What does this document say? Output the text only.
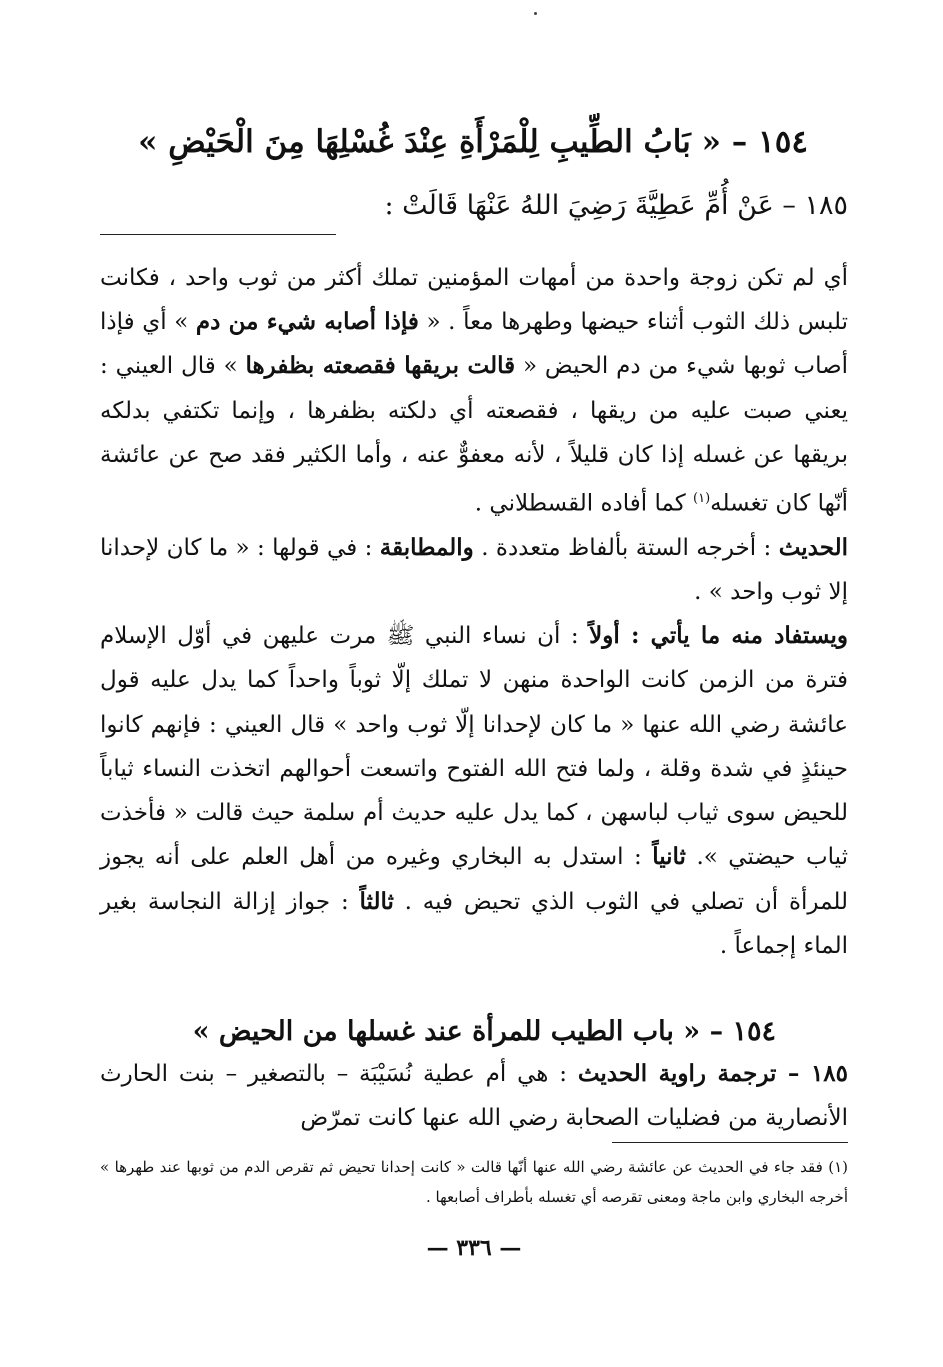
١٥٤ – « بَابُ الطِّيبِ لِلْمَرْأَةِ عِنْدَ غُسْلِهَا مِنَ الْحَيْضِ »
١٨٥ – عَنْ أُمِّ عَطِيَّةَ رَضِيَ اللهُ عَنْهَا قَالَتْ :

أي لم تكن زوجة واحدة من أمهات المؤمنين تملك أكثر من ثوب واحد ، فكانت تلبس ذلك الثوب أثناء حيضها وطهرها معاً . « فإذا أصابه شيء من دم » أي فإذا أصاب ثوبها شيء من دم الحيض « قالت بريقها فقصعته بظفرها » قال العيني : يعني صبت عليه من ريقها ، فقصعته أي دلكته بظفرها ، وإنما تكتفي بدلكه بريقها عن غسله إذا كان قليلاً ، لأنه معفوٌّ عنه ، وأما الكثير فقد صح عن عائشة أنّها كان تغسله$^{(١)}$ كما أفاده القسطلاني .

الحديث : أخرجه الستة بألفاظ متعددة . والمطابقة : في قولها : « ما كان لإحدانا إلا ثوب واحد » .

ويستفاد منه ما يأتي : أولاً : أن نساء النبي ﷺ مرت عليهن في أوّل الإسلام فترة من الزمن كانت الواحدة منهن لا تملك إلّا ثوباً واحداً كما يدل عليه قول عائشة رضي الله عنها « ما كان لإحدانا إلّا ثوب واحد » قال العيني : فإنهم كانوا حينئذٍ في شدة وقلة ، ولما فتح الله الفتوح واتسعت أحوالهم اتخذت النساء ثياباً للحيض سوى ثياب لباسهن ، كما يدل عليه حديث أم سلمة حيث قالت « فأخذت ثياب حيضتي ». ثانياً : استدل به البخاري وغيره من أهل العلم على أنه يجوز للمرأة أن تصلي في الثوب الذي تحيض فيه . ثالثاً : جواز إزالة النجاسة بغير الماء إجماعاً .

١٥٤ – « باب الطيب للمرأة عند غسلها من الحيض »
١٨٥ – ترجمة راوية الحديث : هي أم عطية نُسَيْبَة – بالتصغير – بنت الحارث الأنصارية من فضليات الصحابة رضي الله عنها كانت تمرّض
(١) فقد جاء في الحديث عن عائشة رضي الله عنها أنّها قالت « كانت إحدانا تحيض ثم تقرص الدم من ثوبها عند طهرها » أخرجه البخاري وابن ماجة ومعنى تقرصه أي تغسله بأطراف أصابعها .
— ٣٣٦ —
